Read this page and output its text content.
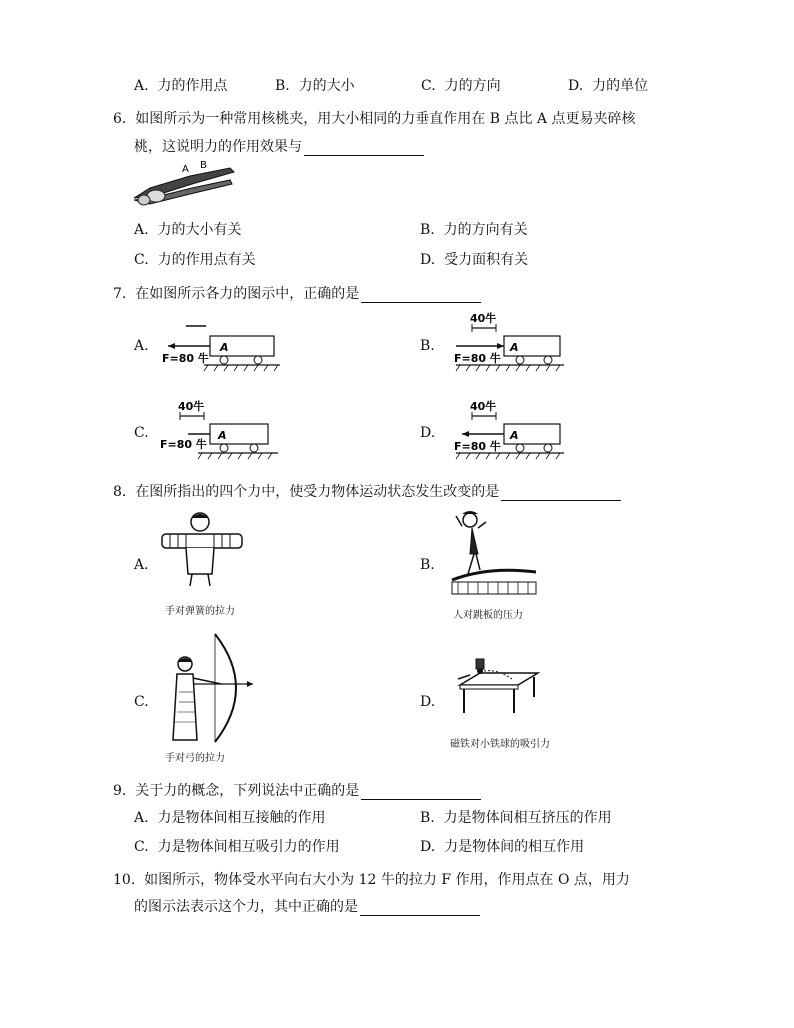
A. 力的作用点	B. 力的大小	C. 力的方向	D. 力的单位
6. 如图所示为一种常用核桃夹，用大小相同的力垂直作用在 B 点比 A 点更易夹碎核
桃，这说明力的作用效果与
A B
A. 力的大小有关	B. 力的方向有关
C. 力的作用点有关	D. 受力面积有关
7. 在如图所示各力的图示中，正确的是
A.	A
F=80 牛
B.
40牛
A
F=80 牛
C.
40牛
A
F=80 牛
D.
40牛
A
F=80 牛
8. 在图所指出的四个力中，使受力物体运动状态发生改变的是
A.
手对弹簧的拉力
B.
人对跳板的压力
C.
手对弓的拉力
D.
磁铁对小铁球的吸引力
9. 关于力的概念，下列说法中正确的是
A. 力是物体间相互接触的作用	B. 力是物体间相互挤压的作用
C. 力是物体间相互吸引力的作用	D. 力是物体间的相互作用
10. 如图所示，物体受水平向右大小为 12 牛的拉力 F 作用，作用点在 O 点，用力
的图示法表示这个力，其中正确的是
